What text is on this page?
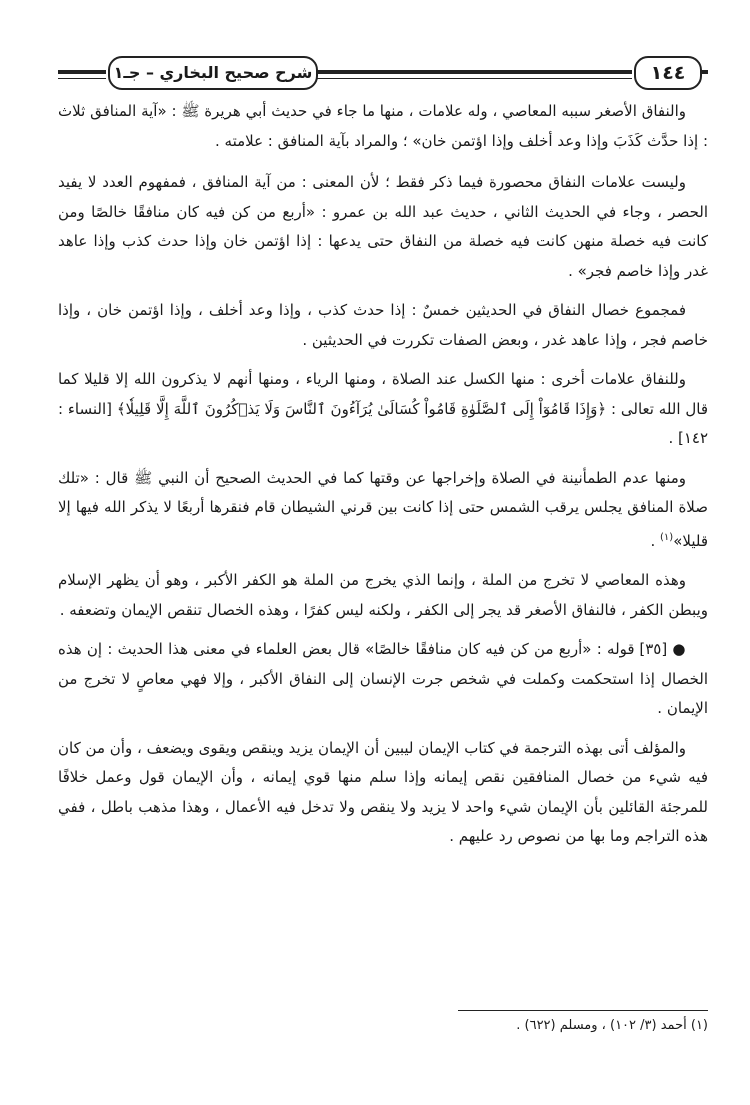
شرح صحيح البخاري – جـ١	١٤٤

والنفاق الأصغر سببه المعاصي ، وله علامات ، منها ما جاء في حديث أبي هريرة ﷺ : «آية المنافق ثلاث : إذا حدَّث كَذَبَ وإذا وعد أخلف وإذا اؤتمن خان» ؛ والمراد بآية المنافق : علامته .

وليست علامات النفاق محصورة فيما ذكر فقط ؛ لأن المعنى : من آية المنافق ، فمفهوم العدد لا يفيد الحصر ، وجاء في الحديث الثاني ، حديث عبد الله بن عمرو : «أربع من كن فيه كان منافقًا خالصًا ومن كانت فيه خصلة منهن كانت فيه خصلة من النفاق حتى يدعها : إذا اؤتمن خان وإذا حدث كذب وإذا عاهد غدر وإذا خاصم فجر» .

فمجموع خصال النفاق في الحديثين خمسٌ : إذا حدث كذب ، وإذا وعد أخلف ، وإذا اؤتمن خان ، وإذا خاصم فجر ، وإذا عاهد غدر ، وبعض الصفات تكررت في الحديثين .

وللنفاق علامات أخرى : منها الكسل عند الصلاة ، ومنها الرياء ، ومنها أنهم لا يذكرون الله إلا قليلا كما قال الله تعالى : ﴿وَإِذَا قَامُوٓاْ إِلَى ٱلصَّلَوٰةِ قَامُواْ كُسَالَىٰ يُرَآءُونَ ٱلنَّاسَ وَلَا يَذۡكُرُونَ ٱللَّهَ إِلَّا قَلِيلٗا﴾ [النساء : ١٤٢] .

ومنها عدم الطمأنينة في الصلاة وإخراجها عن وقتها كما في الحديث الصحيح أن النبي ﷺ قال : «تلك صلاة المنافق يجلس يرقب الشمس حتى إذا كانت بين قرني الشيطان قام فنقرها أربعًا لا يذكر الله فيها إلا قليلا»$^{(١)}$ .

وهذه المعاصي لا تخرج من الملة ، وإنما الذي يخرج من الملة هو الكفر الأكبر ، وهو أن يظهر الإسلام ويبطن الكفر ، فالنفاق الأصغر قد يجر إلى الكفر ، ولكنه ليس كفرًا ، وهذه الخصال تنقص الإيمان وتضعفه .

● [٣٥] قوله : «أربع من كن فيه كان منافقًا خالصًا» قال بعض العلماء في معنى هذا الحديث : إن هذه الخصال إذا استحكمت وكملت في شخص جرت الإنسان إلى النفاق الأكبر ، وإلا فهي معاصٍ لا تخرج من الإيمان .

والمؤلف أتى بهذه الترجمة في كتاب الإيمان ليبين أن الإيمان يزيد وينقص ويقوى ويضعف ، وأن من كان فيه شيء من خصال المنافقين نقص إيمانه وإذا سلم منها قوي إيمانه ، وأن الإيمان قول وعمل خلافًا للمرجئة القائلين بأن الإيمان شيء واحد لا يزيد ولا ينقص ولا تدخل فيه الأعمال ، وهذا مذهب باطل ، ففي هذه التراجم وما بها من نصوص رد عليهم .

(١) أحمد (٣/ ١٠٢) ، ومسلم (٦٢٢) .
